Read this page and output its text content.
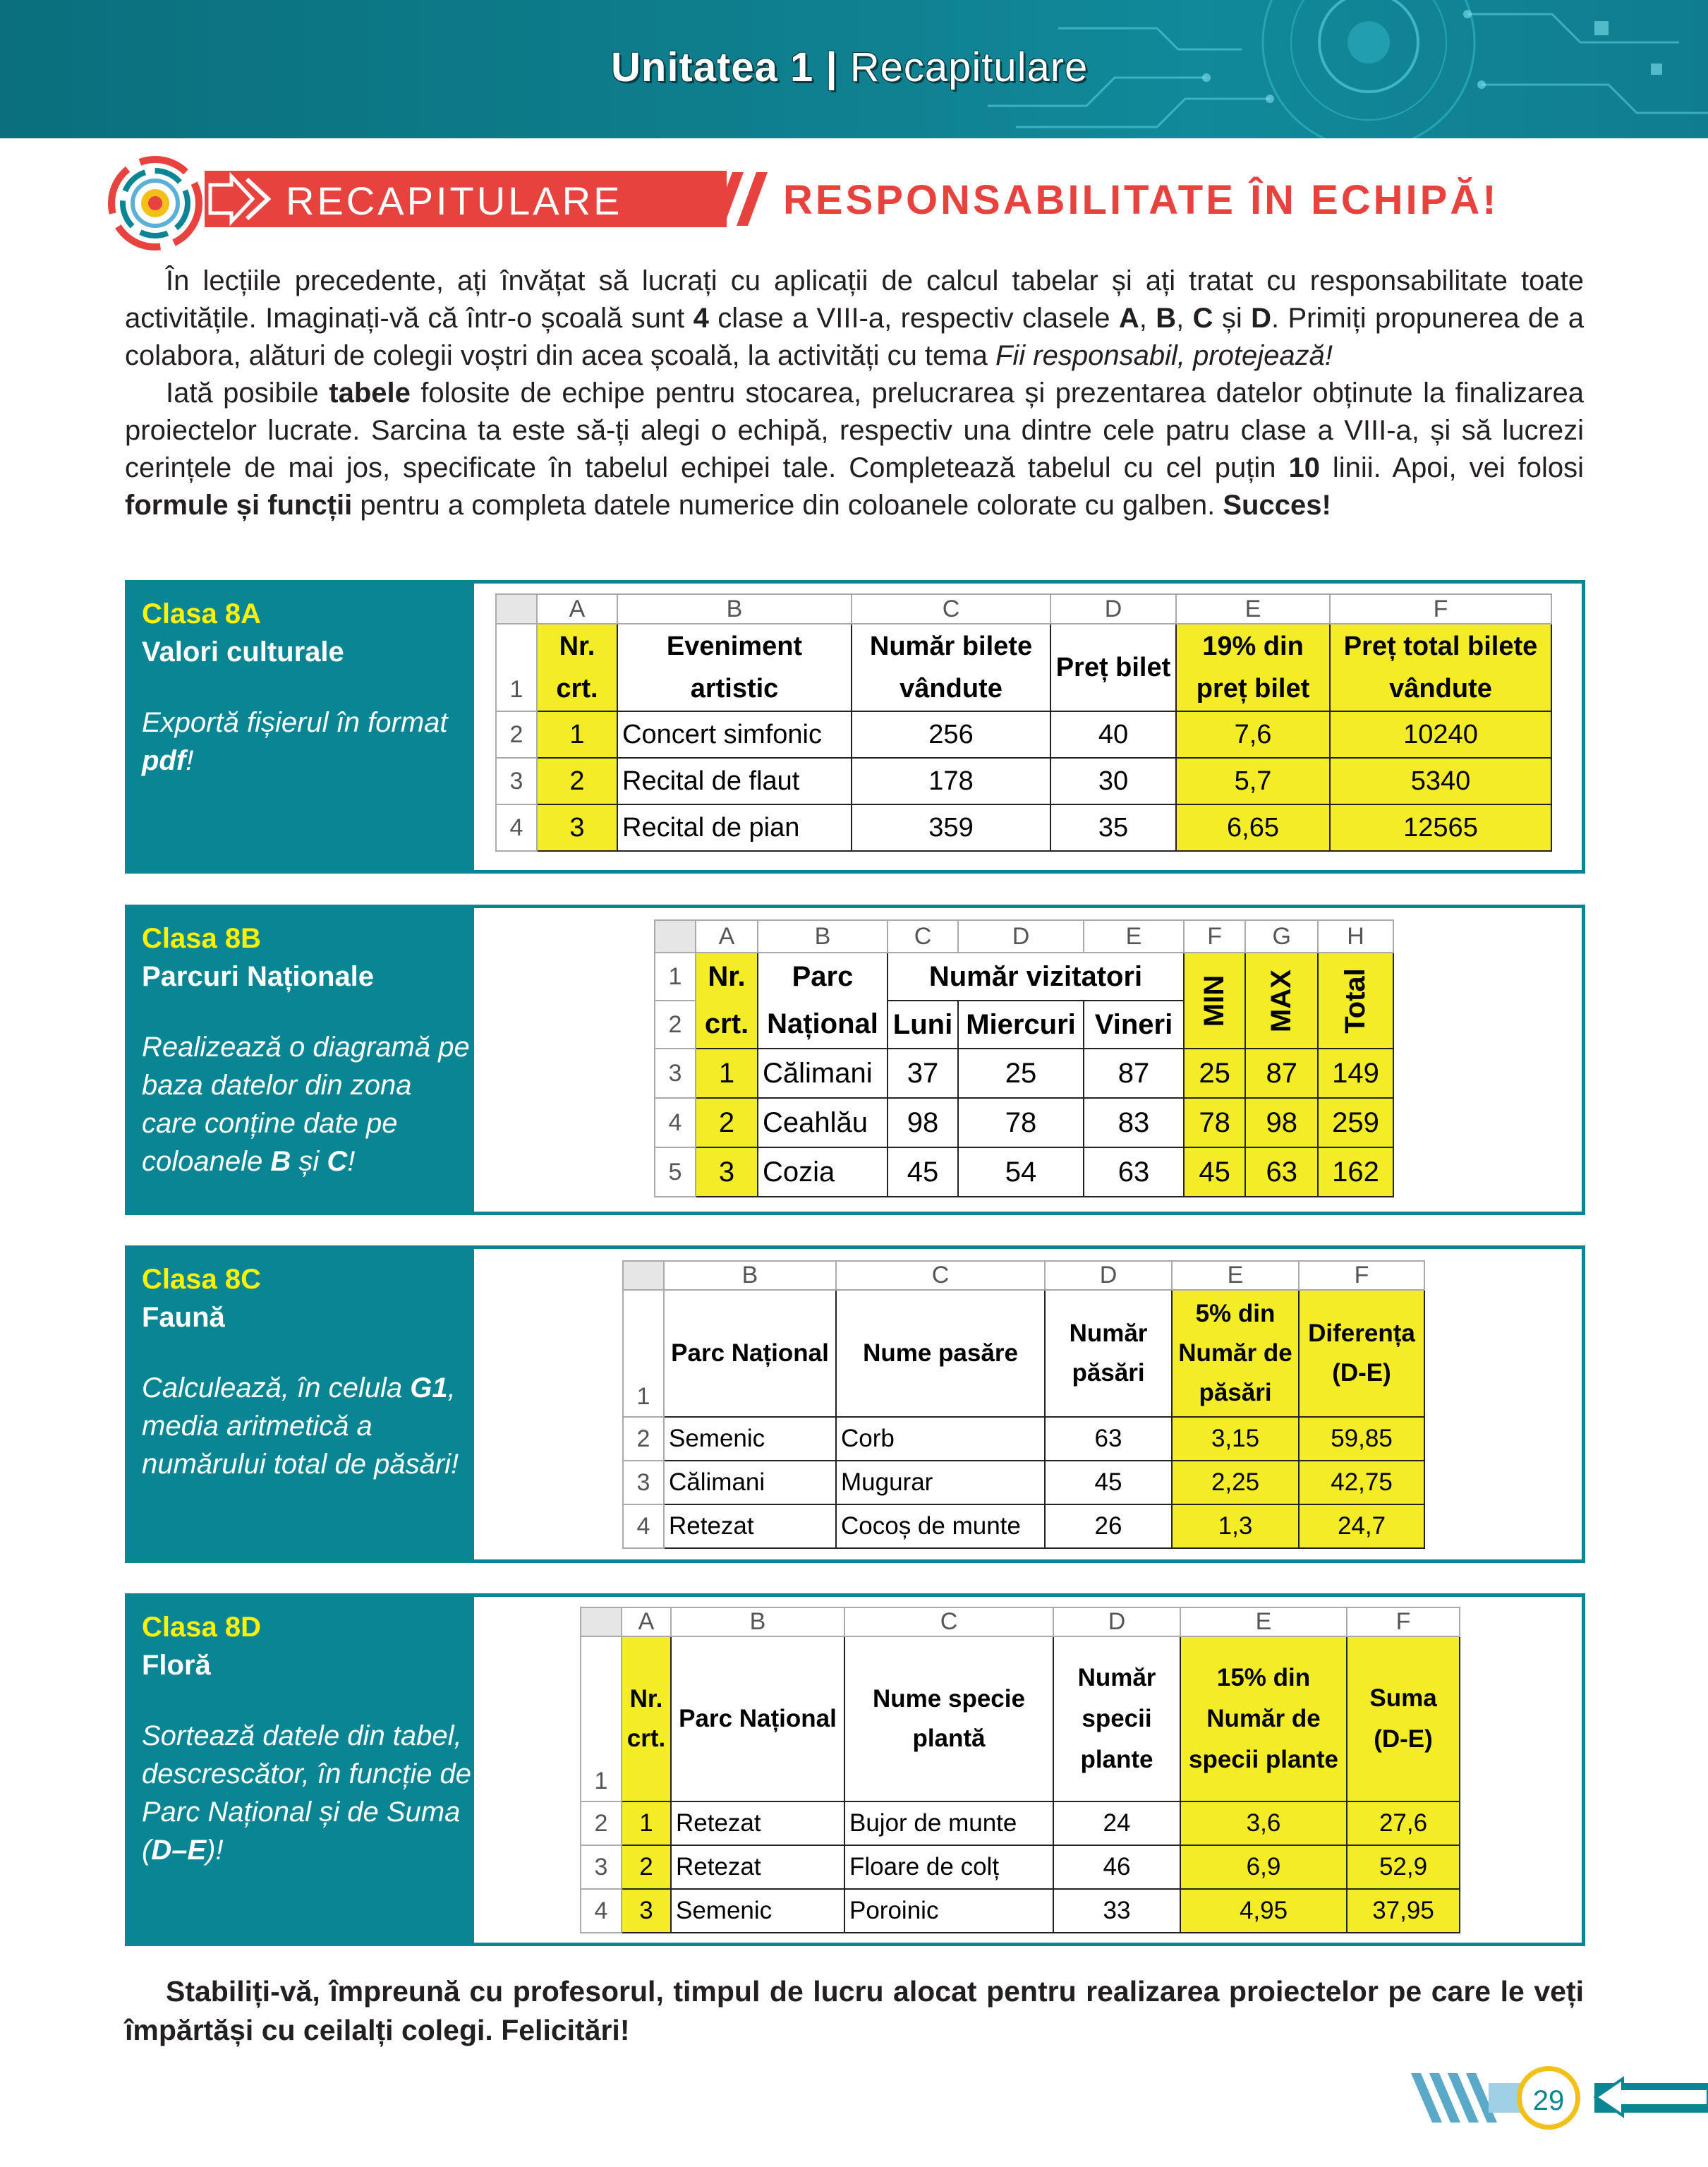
Unitatea 1 | Recapitulare
RECAPITULARE	RESPONSABILITATE ÎN ECHIPĂ!

În lecțiile precedente, ați învățat să lucrați cu aplicații de calcul tabelar și ați tratat cu responsabilitate toate activitățile. Imaginați-vă că într-o școală sunt 4 clase a VIII-a, respectiv clasele A, B, C și D. Primiți propunerea de a colabora, alături de colegii voștri din acea școală, la activități cu tema Fii responsabil, protejează!

Iată posibile tabele folosite de echipe pentru stocarea, prelucrarea și prezentarea datelor obținute la finalizarea proiectelor lucrate. Sarcina ta este să-ți alegi o echipă, respectiv una dintre cele patru clase a VIII-a, și să lucrezi cerințele de mai jos, specificate în tabelul echipei tale. Completează tabelul cu cel puțin 10 linii. Apoi, vei folosi formule și funcții pentru a completa datele numerice din coloanele colorate cu galben. Succes!

Clasa 8A
Valori culturale
Exportă fișierul în format pdf!
	A	B	C	D	E	F
1	Nr. crt.	Eveniment artistic	Număr bilete vândute	Preț bilet	19% din preț bilet	Preț total bilete vândute
2	1	Concert simfonic	256	40	7,6	10240
3	2	Recital de flaut	178	30	5,7	5340
4	3	Recital de pian	359	35	6,65	12565
Clasa 8B
Parcuri Naționale
Realizează o diagramă pe baza datelor din zona care conține date pe coloanele B și C!
	A	B	C	D	E	F	G	H
1	Nr.	Parc	Număr vizitatori			MIN	MAX	Total
2	crt.	Național	Luni	Miercuri	Vineri			
3	1	Călimani	37	25	87	25	87	149
4	2	Ceahlău	98	78	83	78	98	259
5	3	Cozia	45	54	63	45	63	162
Clasa 8C
Faună
Calculează, în celula G1, media aritmetică a numărului total de păsări!
	B	C	D	E	F
1	Parc Național	Nume pasăre	Număr păsări	5% din Număr de păsări	Diferența (D-E)
2	Semenic	Corb	63	3,15	59,85
3	Călimani	Mugurar	45	2,25	42,75
4	Retezat	Cocoș de munte	26	1,3	24,7
Clasa 8D
Floră
Sortează datele din tabel, descrescător, în funcție de Parc Național și de Suma (D–E)!
	A	B	C	D	E	F
1	Nr. crt.	Parc Național	Nume specie plantă	Număr specii plante	15% din Număr de specii plante	Suma (D-E)
2	1	Retezat	Bujor de munte	24	3,6	27,6
3	2	Retezat	Floare de colț	46	6,9	52,9
4	3	Semenic	Poroinic	33	4,95	37,95

Stabiliți-vă, împreună cu profesorul, timpul de lucru alocat pentru realizarea proiectelor pe care le veți împărtăși cu ceilalți colegi. Felicitări!

29
